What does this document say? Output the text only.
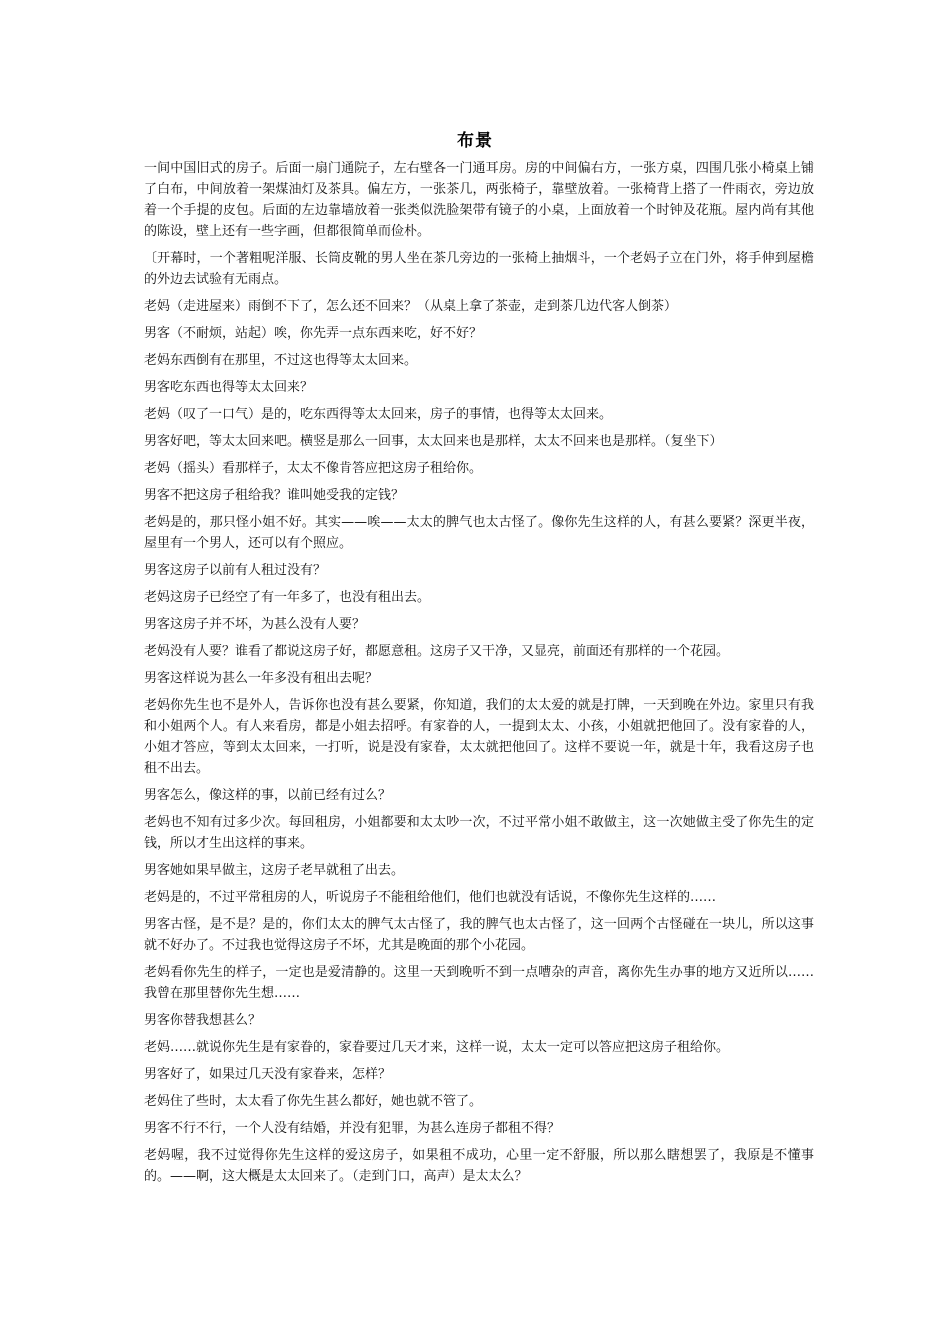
布景

一间中国旧式的房子。后面一扇门通院子，左右壁各一门通耳房。房的中间偏右方，一张方桌，四围几张小椅桌上铺了白布，中间放着一架煤油灯及茶具。偏左方，一张茶几，两张椅子，靠壁放着。一张椅背上搭了一件雨衣，旁边放着一个手提的皮包。后面的左边靠墙放着一张类似洗脸架带有镜子的小桌，上面放着一个时钟及花瓶。屋内尚有其他的陈设，壁上还有一些字画，但都很简单而俭朴。

〔开幕时，一个著粗呢洋服、长筒皮靴的男人坐在茶几旁边的一张椅上抽烟斗，一个老妈子立在门外，将手伸到屋檐的外边去试验有无雨点。

老妈（走进屋来）雨倒不下了，怎么还不回来？（从桌上拿了茶壶，走到茶几边代客人倒茶）

男客（不耐烦，站起）唉，你先弄一点东西来吃，好不好？

老妈东西倒有在那里，不过这也得等太太回来。

男客吃东西也得等太太回来？

老妈（叹了一口气）是的，吃东西得等太太回来，房子的事情，也得等太太回来。

男客好吧，等太太回来吧。横竖是那么一回事，太太回来也是那样，太太不回来也是那样。（复坐下）

老妈（摇头）看那样子，太太不像肯答应把这房子租给你。

男客不把这房子租给我？谁叫她受我的定钱？

老妈是的，那只怪小姐不好。其实——唉——太太的脾气也太古怪了。像你先生这样的人，有甚么要紧？深更半夜，屋里有一个男人，还可以有个照应。

男客这房子以前有人租过没有？

老妈这房子已经空了有一年多了，也没有租出去。

男客这房子并不坏，为甚么没有人要？

老妈没有人要？谁看了都说这房子好，都愿意租。这房子又干净，又显亮，前面还有那样的一个花园。

男客这样说为甚么一年多没有租出去呢？

老妈你先生也不是外人，告诉你也没有甚么要紧，你知道，我们的太太爱的就是打牌，一天到晚在外边。家里只有我和小姐两个人。有人来看房，都是小姐去招呼。有家眷的人，一提到太太、小孩，小姐就把他回了。没有家眷的人，小姐才答应，等到太太回来，一打听，说是没有家眷，太太就把他回了。这样不要说一年，就是十年，我看这房子也租不出去。

男客怎么，像这样的事，以前已经有过么？

老妈也不知有过多少次。每回租房，小姐都要和太太吵一次，不过平常小姐不敢做主，这一次她做主受了你先生的定钱，所以才生出这样的事来。

男客她如果早做主，这房子老早就租了出去。

老妈是的，不过平常租房的人，听说房子不能租给他们，他们也就没有话说，不像你先生这样的……

男客古怪，是不是？是的，你们太太的脾气太古怪了，我的脾气也太古怪了，这一回两个古怪碰在一块儿，所以这事就不好办了。不过我也觉得这房子不坏，尤其是晚面的那个小花园。

老妈看你先生的样子，一定也是爱清静的。这里一天到晚听不到一点嘈杂的声音，离你先生办事的地方又近所以……我曾在那里替你先生想……

男客你替我想甚么？

老妈……就说你先生是有家眷的，家眷要过几天才来，这样一说，太太一定可以答应把这房子租给你。

男客好了，如果过几天没有家眷来，怎样？

老妈住了些时，太太看了你先生甚么都好，她也就不管了。

男客不行不行，一个人没有结婚，并没有犯罪，为甚么连房子都租不得？

老妈喔，我不过觉得你先生这样的爱这房子，如果租不成功，心里一定不舒服，所以那么瞎想罢了，我原是不懂事的。——啊，这大概是太太回来了。（走到门口，高声）是太太么？
